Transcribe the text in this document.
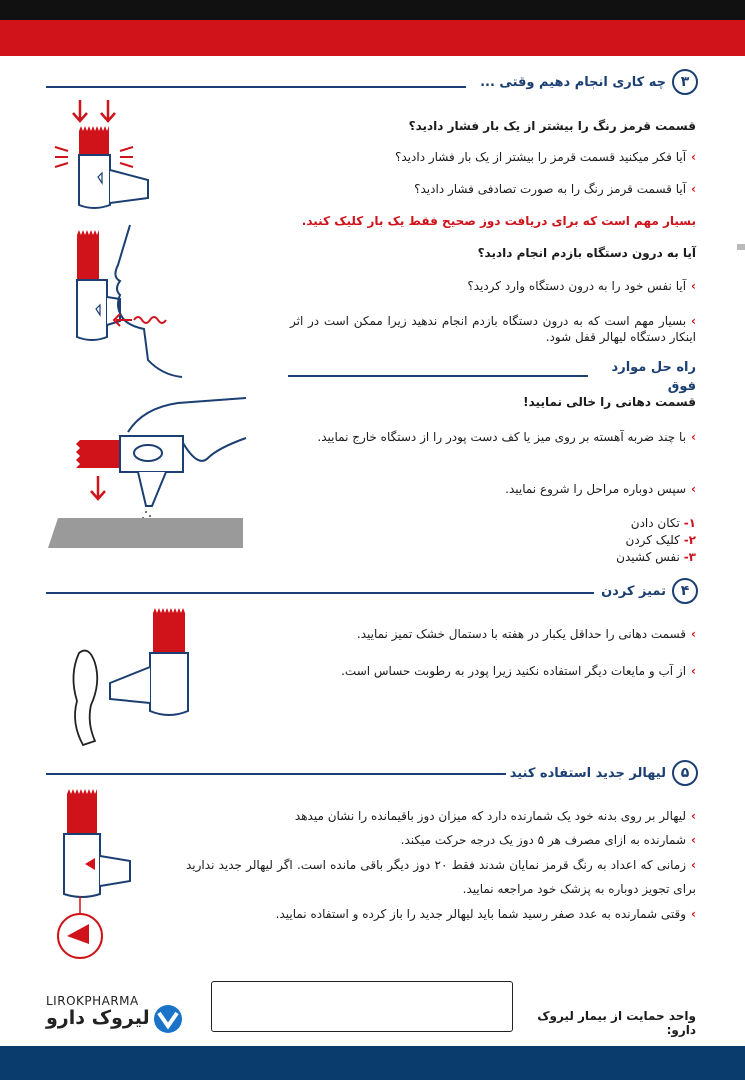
۳
چه کاری انجام دهیم وقتی ...
قسمت قرمز رنگ را بیشتر از یک بار فشار دادید؟
›آیا فکر میکنید قسمت قرمز را بیشتر از یک بار فشار دادید؟
›آیا قسمت قرمز رنگ را به صورت تصادفی فشار دادید؟
بسیار مهم است که برای دریافت دوز صحیح فقط یک بار کلیک کنید.
آیا به درون دستگاه بازدم انجام دادید؟
›آیا نفس خود را به درون دستگاه وارد کردید؟
›بسیار مهم است که به درون دستگاه بازدم انجام ندهید زیرا ممکن است در اثر اینکار دستگاه لیهالر قفل شود.
راه حل موارد فوق
قسمت دهانی را خالی نمایید!
›با چند ضربه آهسته بر روی میز یا کف دست پودر را از دستگاه خارج نمایید.
›سپس دوباره مراحل را شروع نمایید.
۱- تکان دادن
۲- کلیک کردن
۳- نفس کشیدن
۴
تمیز کردن
›قسمت دهانی را حداقل یکبار در هفته با دستمال خشک تمیز نمایید.
›از آب و مایعات دیگر استفاده نکنید زیرا پودر به رطوبت حساس است.
۵
لیهالر جدید استفاده کنید
›لیهالر بر روی بدنه خود یک شمارنده دارد که میزان دوز باقیمانده را نشان میدهد
›شمارنده به ازای مصرف هر ۵ دوز یک درجه حرکت میکند.
›زمانی که اعداد به رنگ قرمز نمایان شدند فقط ۲۰ دوز دیگر باقی مانده است. اگر لیهالر جدید ندارید برای تجویز دوباره به پزشک خود مراجعه نمایید.
›وقتی شمارنده به عدد صفر رسید شما باید لیهالر جدید را باز کرده و استفاده نمایید.
LIROKPHARMA
لیروک دارو	واحد حمایت از بیمار لیروک دارو:
